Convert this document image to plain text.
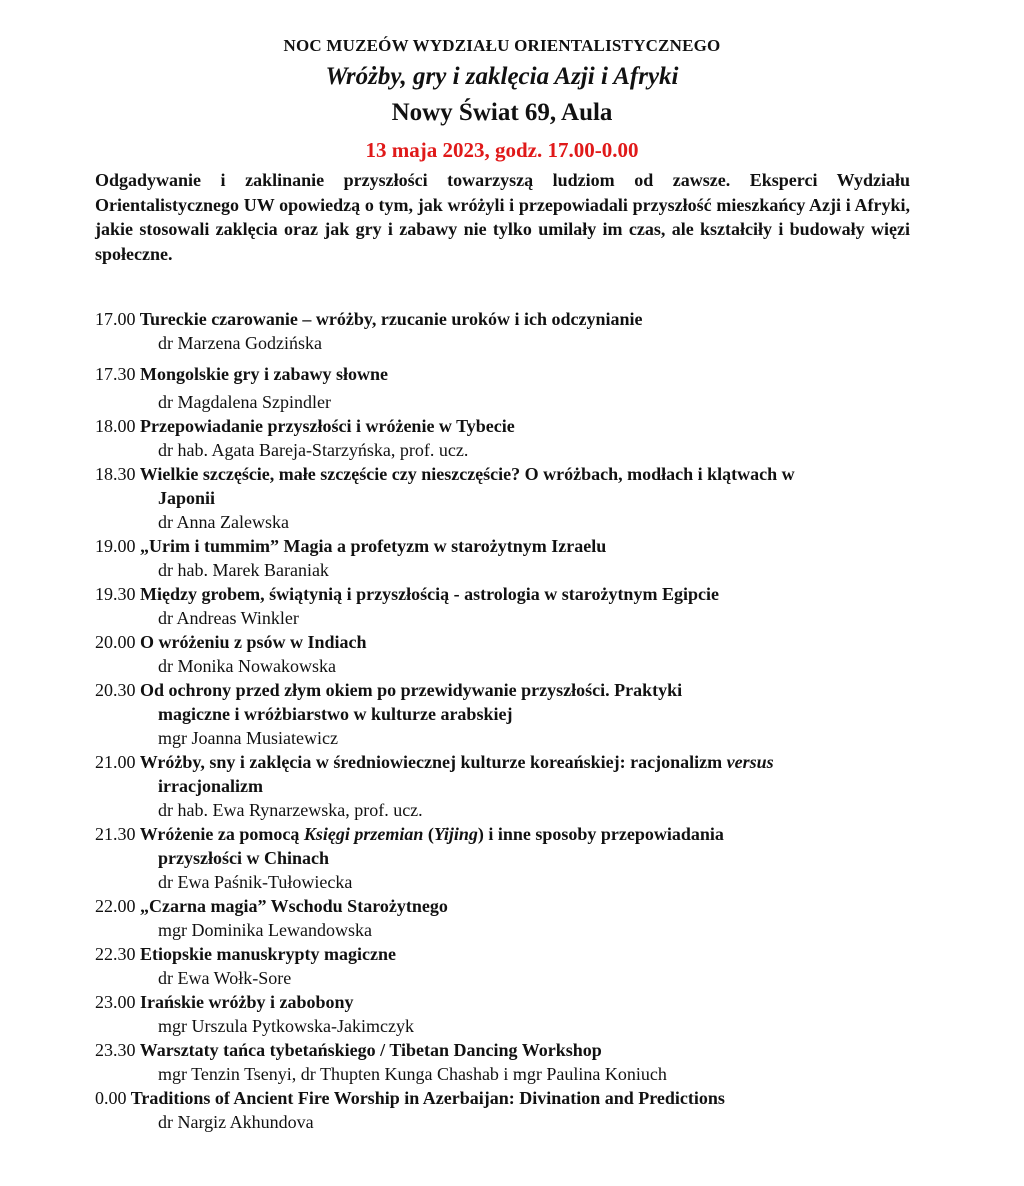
NOC MUZEÓW WYDZIAŁU ORIENTALISTYCZNEGO
Wróżby, gry i zaklęcia Azji i Afryki
Nowy Świat 69, Aula
13 maja 2023, godz. 17.00-0.00
Odgadywanie i zaklinanie przyszłości towarzyszą ludziom od zawsze. Eksperci Wydziału Orientalistycznego UW opowiedzą o tym, jak wróżyli i przepowiadali przyszłość mieszkańcy Azji i Afryki, jakie stosowali zaklęcia oraz jak gry i zabawy nie tylko umilały im czas, ale kształciły i budowały więzi społeczne.
17.00 Tureckie czarowanie – wróżby, rzucanie uroków i ich odczynianie
dr Marzena Godzińska
17.30 Mongolskie gry i zabawy słowne
dr Magdalena Szpindler
18.00 Przepowiadanie przyszłości i wróżenie w Tybecie
dr hab. Agata Bareja-Starzyńska, prof. ucz.
18.30 Wielkie szczęście, małe szczęście czy nieszczęście? O wróżbach, modłach i klątwach w
Japonii
dr Anna Zalewska
19.00 „Urim i tummim” Magia a profetyzm w starożytnym Izraelu
dr hab. Marek Baraniak
19.30 Między grobem, świątynią i przyszłością - astrologia w starożytnym Egipcie
dr Andreas Winkler
20.00 O wróżeniu z psów w Indiach
dr Monika Nowakowska
20.30 Od ochrony przed złym okiem po przewidywanie przyszłości. Praktyki
magiczne i wróżbiarstwo w kulturze arabskiej
mgr Joanna Musiatewicz
21.00 Wróżby, sny i zaklęcia w średniowiecznej kulturze koreańskiej: racjonalizm versus
irracjonalizm
dr hab. Ewa Rynarzewska, prof. ucz.
21.30 Wróżenie za pomocą Księgi przemian (Yijing) i inne sposoby przepowiadania
przyszłości w Chinach
dr Ewa Paśnik-Tułowiecka
22.00 „Czarna magia” Wschodu Starożytnego
mgr Dominika Lewandowska
22.30 Etiopskie manuskrypty magiczne
dr Ewa Wołk-Sore
23.00 Irańskie wróżby i zabobony
mgr Urszula Pytkowska-Jakimczyk
23.30 Warsztaty tańca tybetańskiego / Tibetan Dancing Workshop
mgr Tenzin Tsenyi, dr Thupten Kunga Chashab i mgr Paulina Koniuch
0.00 Traditions of Ancient Fire Worship in Azerbaijan: Divination and Predictions
dr Nargiz Akhundova
